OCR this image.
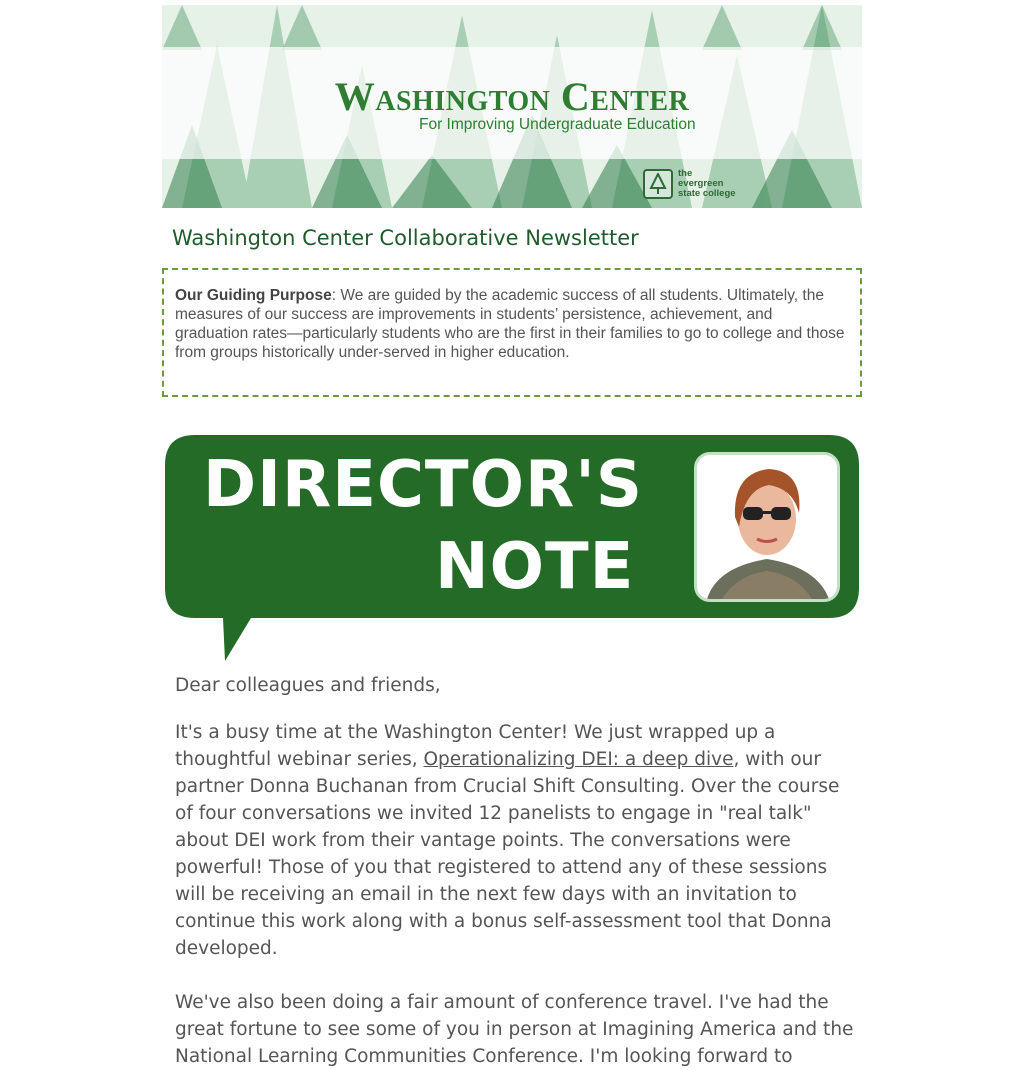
Washington Center
For Improving Undergraduate Education
the
evergreen
state college
Washington Center Collaborative Newsletter
Our Guiding Purpose: We are guided by the academic success of all students. Ultimately, the measures of our success are improvements in students’ persistence, achievement, and graduation rates—particularly students who are the first in their families to go to college and those from groups historically under-served in higher education.
DIRECTOR'S
NOTE

Dear colleagues and friends,

It's a busy time at the Washington Center! We just wrapped up a thoughtful webinar series, Operationalizing DEI: a deep dive, with our partner Donna Buchanan from Crucial Shift Consulting. Over the course of four conversations we invited 12 panelists to engage in "real talk" about DEI work from their vantage points. The conversations were powerful! Those of you that registered to attend any of these sessions will be receiving an email in the next few days with an invitation to continue this work along with a bonus self-assessment tool that Donna developed.

We've also been doing a fair amount of conference travel. I've had the great fortune to see some of you in person at Imagining America and the National Learning Communities Conference. I'm looking forward to
